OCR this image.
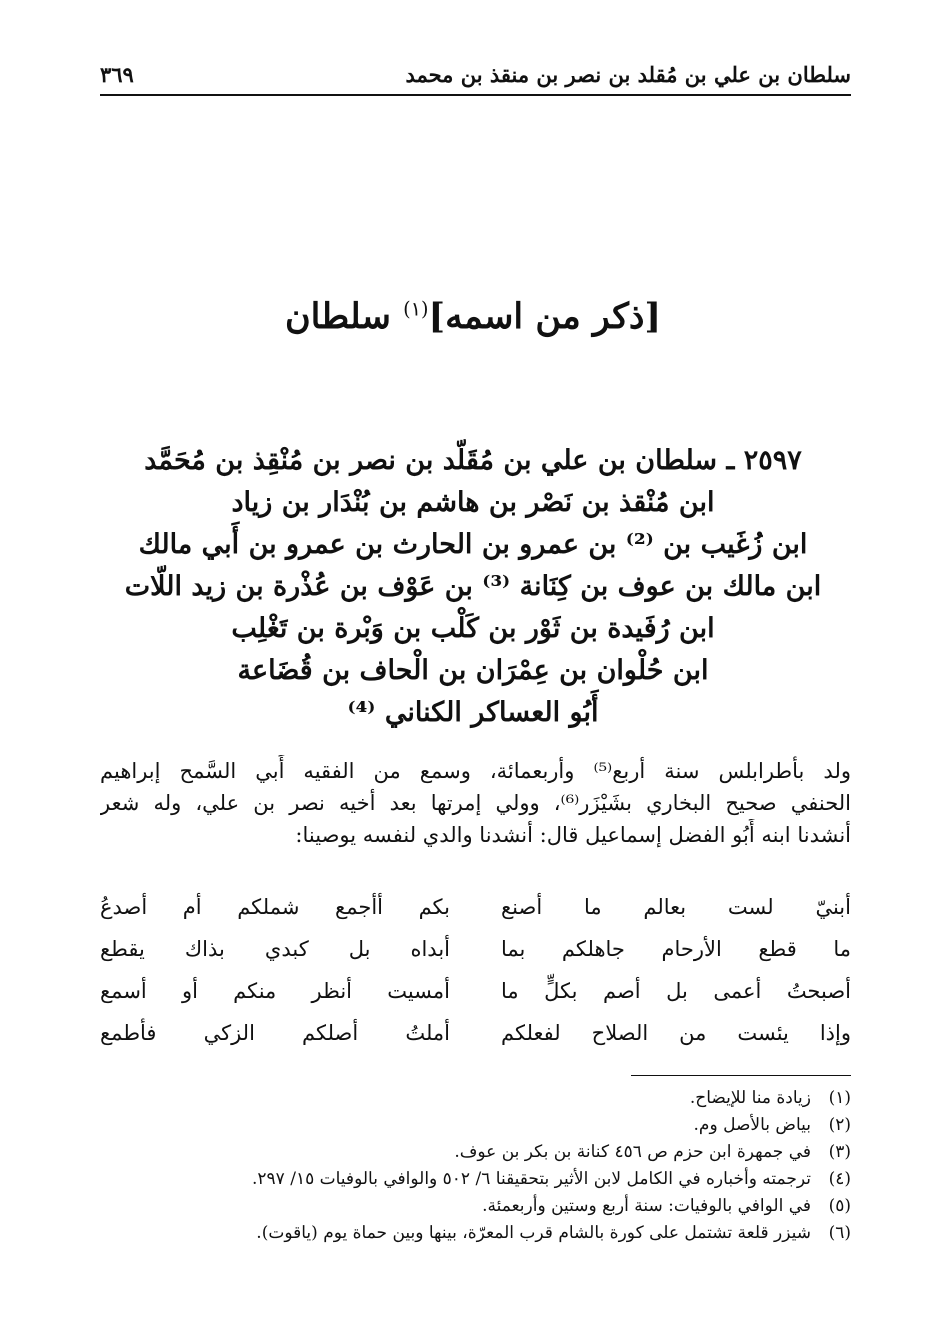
سلطان بن علي بن مُقلد بن نصر بن منقذ بن محمد
٣٦٩
[ذكر من اسمه]$^{(١)}$ سلطان
٢٥٩٧ ـ سلطان بن علي بن مُقَلّد بن نصر بن مُنْقِذ بن مُحَمَّد
ابن مُنْقذ بن نَصْر بن هاشم بن بُنْدَار بن زياد
ابن زُغَيب بن ⁽²⁾ بن عمرو بن الحارث بن عمرو بن أَبي مالك
ابن مالك بن عوف بن كِنَانة ⁽³⁾ بن عَوْف بن عُذْرة بن زيد اللّات
ابن رُفَيدة بن ثَوْر بن كَلْب بن وَبْرة بن تَغْلِب
ابن حُلْوان بن عِمْرَان بن الْحاف بن قُضَاعة
أَبُو العساكر الكناني ⁽⁴⁾
ولد بأطرابلس سنة أربع⁽⁵⁾ وأربعمائة، وسمع من الفقيه أَبي السَّمح إبراهيم
الحنفي صحيح البخاري بشَيْزَر⁽⁶⁾، وولي إمرتها بعد أخيه نصر بن علي، وله شعر
أنشدنا ابنه أَبُو الفضل إسماعيل قال: أنشدنا والدي لنفسه يوصينا:
أبنيّ لست بعالم ما أصنع
بكم أأجمع شملكم أم أصدعُ
ما قطع الأرحام جاهلكم بما
أبداه بل كبدي بذاك يقطع
أصبحتُ أعمى بل أصم بكلٍّ ما
أمسيت أنظر منكم أو أسمع
وإذا يئست من الصلاح لفعلكم
أملتُ أصلكم الزكي فأطمع
(١)
زيادة منا للإيضاح.
(٢)
بياض بالأصل وم.
(٣)
في جمهرة ابن حزم ص ٤٥٦ كنانة بن بكر بن عوف.
(٤)
ترجمته وأخباره في الكامل لابن الأثير بتحقيقنا ٦/ ٥٠٢ والوافي بالوفيات ١٥/ ٢٩٧.
(٥)
في الوافي بالوفيات: سنة أربع وستين وأربعمئة.
(٦)
شيزر قلعة تشتمل على كورة بالشام قرب المعرّة، بينها وبين حماة يوم (ياقوت).
